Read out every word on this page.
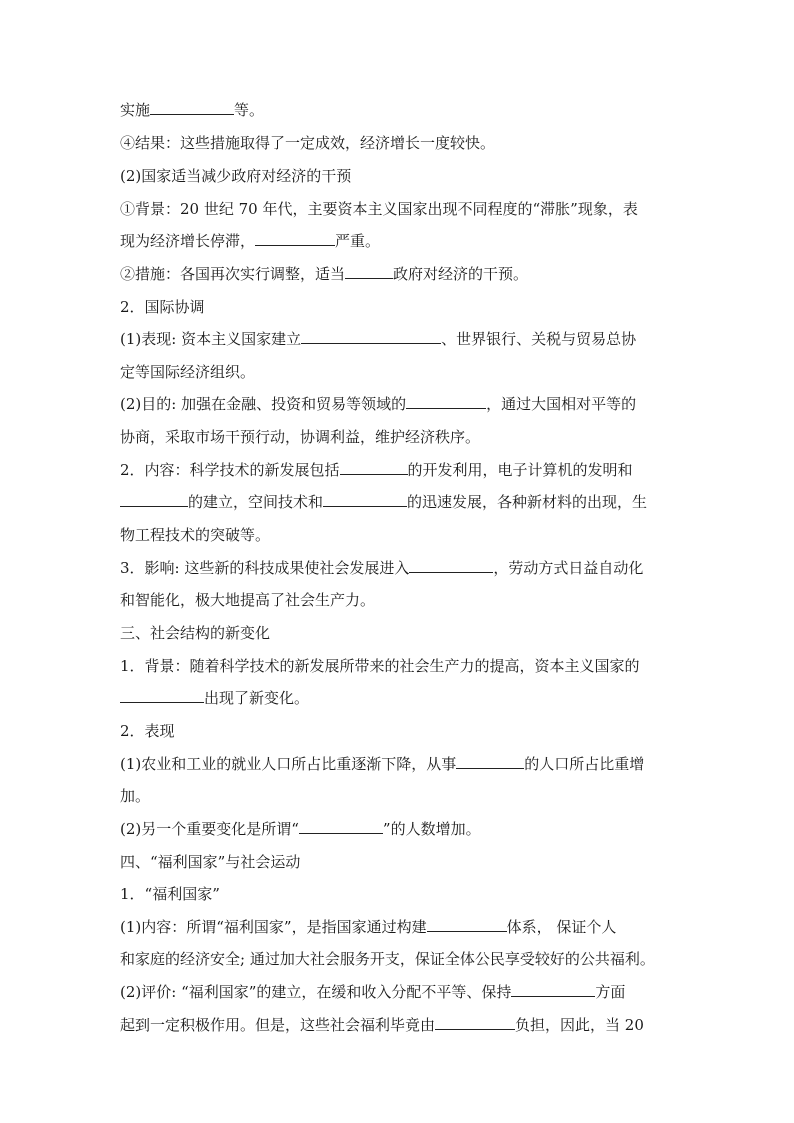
实施	等。
④结果：这些措施取得了一定成效，经济增长一度较快。
(2)国家适当减少政府对经济的干预
①背景：20 世纪 70 年代，主要资本主义国家出现不同程度的“滞胀”现象，表
现为经济增长停滞，	严重。
②措施：各国再次实行调整，适当	政府对经济的干预。
2．国际协调
(1)表现: 资本主义国家建立	、世界银行、关税与贸易总协
定等国际经济组织。
(2)目的: 加强在金融、投资和贸易等领域的	，通过大国相对平等的
协商，采取市场干预行动，协调利益，维护经济秩序。
2．内容：科学技术的新发展包括	的开发利用，电子计算机的发明和
的建立，空间技术和	的迅速发展，各种新材料的出现，生
物工程技术的突破等。
3．影响: 这些新的科技成果使社会发展进入	，劳动方式日益自动化
和智能化，极大地提高了社会生产力。
三、社会结构的新变化
1．背景：随着科学技术的新发展所带来的社会生产力的提高，资本主义国家的
出现了新变化。
2．表现
(1)农业和工业的就业人口所占比重逐渐下降，从事	的人口所占比重增
加。
(2)另一个重要变化是所谓“	”的人数增加。
四、“福利国家”与社会运动
1．“福利国家”
(1)内容：所谓“福利国家”，是指国家通过构建	体系， 保证个人
和家庭的经济安全; 通过加大社会服务开支，保证全体公民享受较好的公共福利。
(2)评价: “福利国家”的建立，在缓和收入分配不平等、保持	方面
起到一定积极作用。但是，这些社会福利毕竟由	负担，因此，当 20
